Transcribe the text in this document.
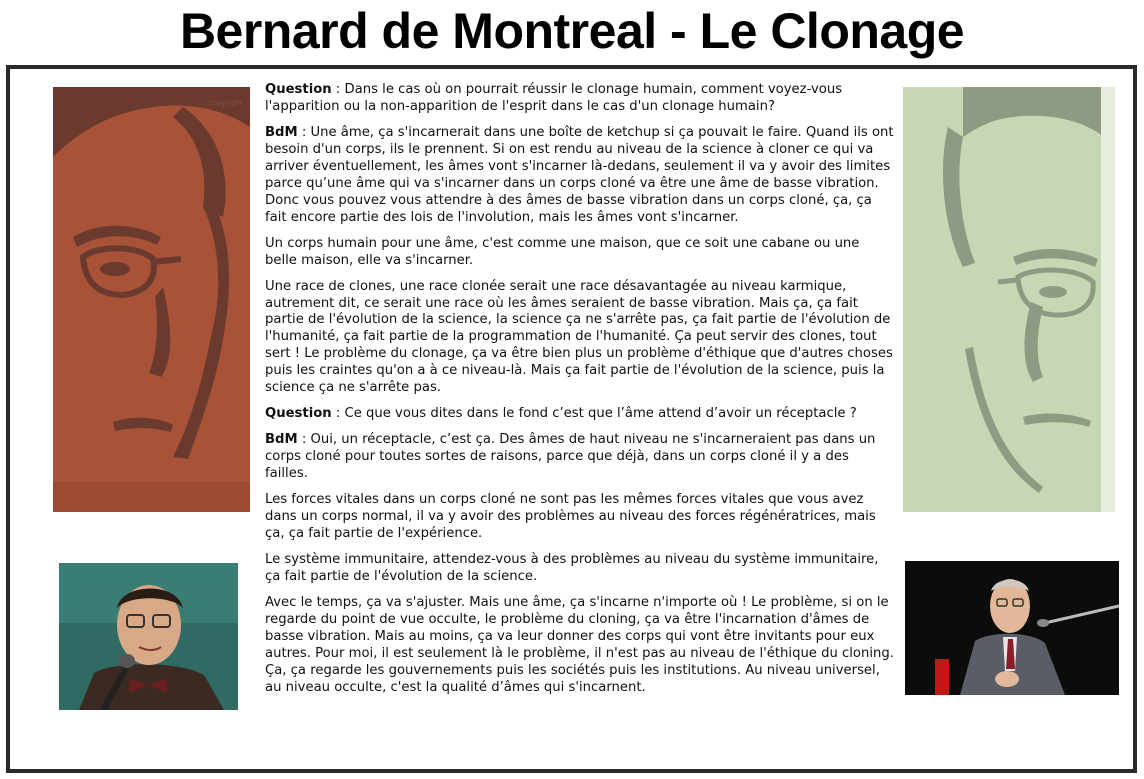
Bernard de Montreal - Le Clonage
Copyright

Question : Dans le cas où on pourrait réussir le clonage humain, comment voyez-vous l'apparition ou la non-apparition de l'esprit dans le cas d'un clonage humain?

BdM : Une âme, ça s'incarnerait dans une boîte de ketchup si ça pouvait le faire. Quand ils ont besoin d'un corps, ils le prennent. Si on est rendu au niveau de la science à cloner ce qui va arriver éventuellement, les âmes vont s'incarner là-dedans, seulement il va y avoir des limites parce qu’une âme qui va s'incarner dans un corps cloné va être une âme de basse vibration. Donc vous pouvez vous attendre à des âmes de basse vibration dans un corps cloné, ça, ça fait encore partie des lois de l'involution, mais les âmes vont s'incarner.

Un corps humain pour une âme, c'est comme une maison, que ce soit une cabane ou une belle maison, elle va s'incarner.

Une race de clones, une race clonée serait une race désavantagée au niveau karmique, autrement dit, ce serait une race où les âmes seraient de basse vibration. Mais ça, ça fait partie de l'évolution de la science, la science ça ne s'arrête pas, ça fait partie de l'évolution de l'humanité, ça fait partie de la programmation de l'humanité. Ça peut servir des clones, tout sert ! Le problème du clonage, ça va être bien plus un problème d'éthique que d'autres choses puis les craintes qu'on a à ce niveau-là. Mais ça fait partie de l'évolution de la science, puis la science ça ne s'arrête pas.

Question : Ce que vous dites dans le fond c’est que l’âme attend d’avoir un réceptacle ?

BdM : Oui, un réceptacle, c’est ça. Des âmes de haut niveau ne s'incarneraient pas dans un corps cloné pour toutes sortes de raisons, parce que déjà, dans un corps cloné il y a des failles.

Les forces vitales dans un corps cloné ne sont pas les mêmes forces vitales que vous avez dans un corps normal, il va y avoir des problèmes au niveau des forces régénératrices, mais ça, ça fait partie de l'expérience.

Le système immunitaire, attendez-vous à des problèmes au niveau du système immunitaire, ça fait partie de l'évolution de la science.

Avec le temps, ça va s'ajuster. Mais une âme, ça s'incarne n'importe où ! Le problème, si on le regarde du point de vue occulte, le problème du cloning, ça va être l'incarnation d'âmes de basse vibration. Mais au moins, ça va leur donner des corps qui vont être invitants pour eux autres. Pour moi, il est seulement là le problème, il n'est pas au niveau de l'éthique du cloning. Ça, ça regarde les gouvernements puis les sociétés puis les institutions. Au niveau universel, au niveau occulte, c'est la qualité d’âmes qui s'incarnent.
